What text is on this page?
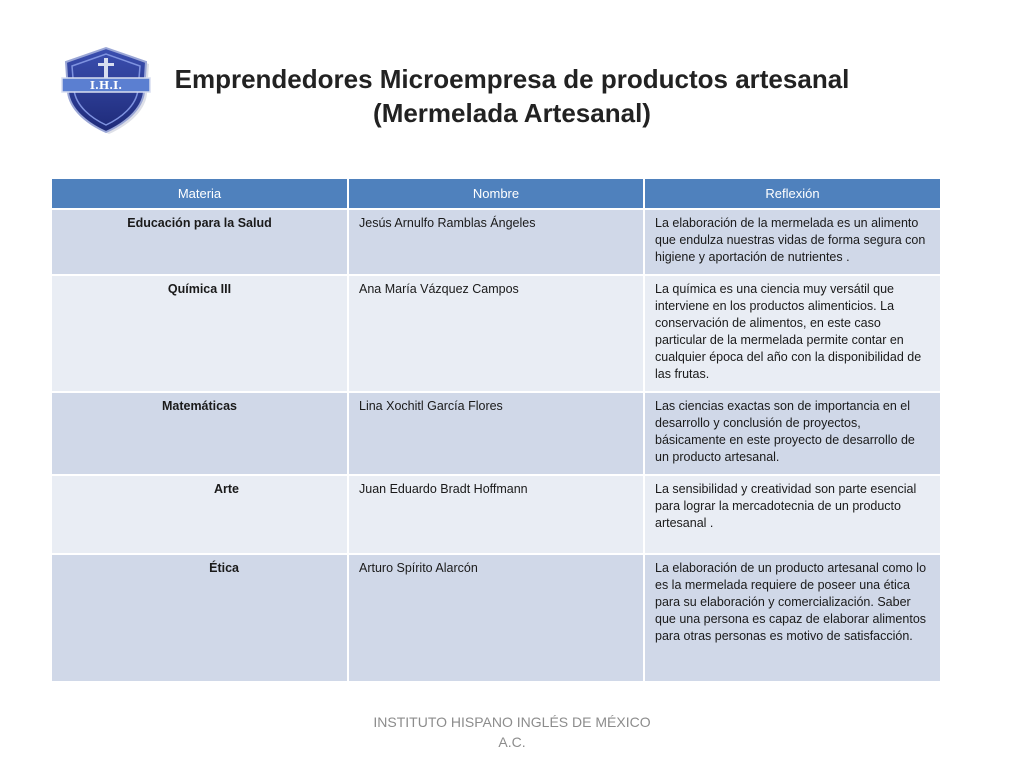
I.H.I.	Emprendedores Microempresa de productos artesanal
(Mermelada Artesanal)
Materia	Nombre	Reflexión
Educación para la Salud	Jesús Arnulfo Ramblas Ángeles	La elaboración de la mermelada es un alimento que endulza nuestras vidas de forma segura con higiene y aportación de nutrientes .
Química III	Ana María Vázquez Campos	La química es una ciencia muy versátil que interviene en los productos alimenticios. La conservación de alimentos, en este caso particular de la mermelada permite contar en cualquier época del año con la disponibilidad de las frutas.
Matemáticas	Lina Xochitl García Flores	Las ciencias exactas son de importancia en el desarrollo y conclusión de proyectos, básicamente en este proyecto de desarrollo de un producto artesanal.
Arte	Juan Eduardo Bradt Hoffmann	La sensibilidad y creatividad son parte esencial para lograr la mercadotecnia de un producto artesanal .
Ética	Arturo Spírito Alarcón	La elaboración de un producto artesanal como lo es la mermelada requiere de poseer una ética para su elaboración y comercialización. Saber que una persona es capaz de elaborar alimentos para otras personas es motivo de satisfacción.
INSTITUTO HISPANO INGLÉS DE MÉXICO
A.C.
